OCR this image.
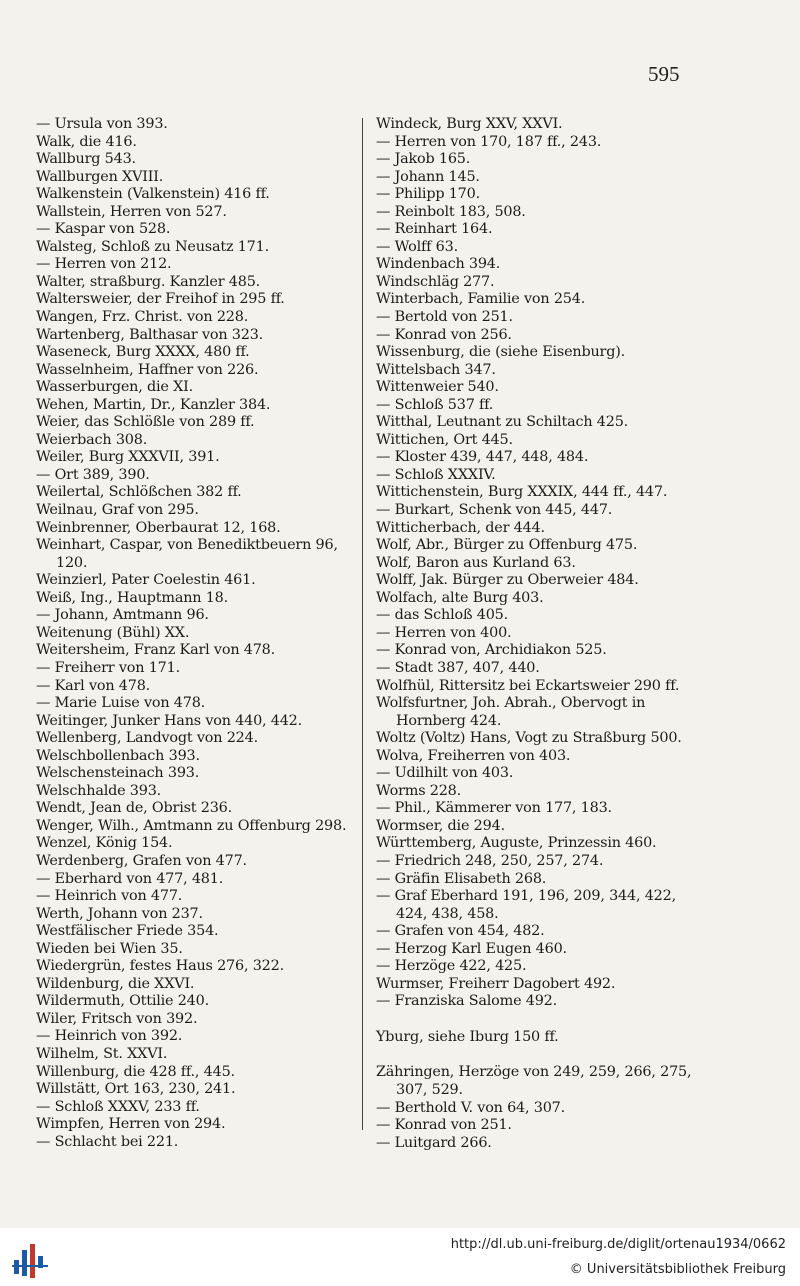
595
— Ursula von 393.
Walk, die 416.
Wallburg 543.
Wallburgen XVIII.
Walkenstein (Valkenstein) 416 ff.
Wallstein, Herren von 527.
— Kaspar von 528.
Walsteg, Schloß zu Neusatz 171.
— Herren von 212.
Walter, straßburg. Kanzler 485.
Waltersweier, der Freihof in 295 ff.
Wangen, Frz. Christ. von 228.
Wartenberg, Balthasar von 323.
Waseneck, Burg XXXX, 480 ff.
Wasselnheim, Haffner von 226.
Wasserburgen, die XI.
Wehen, Martin, Dr., Kanzler 384.
Weier, das Schlößle von 289 ff.
Weierbach 308.
Weiler, Burg XXXVII, 391.
— Ort 389, 390.
Weilertal, Schlößchen 382 ff.
Weilnau, Graf von 295.
Weinbrenner, Oberbaurat 12, 168.
Weinhart, Caspar, von Benediktbeuern 96,
120.
Weinzierl, Pater Coelestin 461.
Weiß, Ing., Hauptmann 18.
— Johann, Amtmann 96.
Weitenung (Bühl) XX.
Weitersheim, Franz Karl von 478.
— Freiherr von 171.
— Karl von 478.
— Marie Luise von 478.
Weitinger, Junker Hans von 440, 442.
Wellenberg, Landvogt von 224.
Welschbollenbach 393.
Welschensteinach 393.
Welschhalde 393.
Wendt, Jean de, Obrist 236.
Wenger, Wilh., Amtmann zu Offenburg 298.
Wenzel, König 154.
Werdenberg, Grafen von 477.
— Eberhard von 477, 481.
— Heinrich von 477.
Werth, Johann von 237.
Westfälischer Friede 354.
Wieden bei Wien 35.
Wiedergrün, festes Haus 276, 322.
Wildenburg, die XXVI.
Wildermuth, Ottilie 240.
Wiler, Fritsch von 392.
— Heinrich von 392.
Wilhelm, St. XXVI.
Willenburg, die 428 ff., 445.
Willstätt, Ort 163, 230, 241.
— Schloß XXXV, 233 ff.
Wimpfen, Herren von 294.
— Schlacht bei 221.
Windeck, Burg XXV, XXVI.
— Herren von 170, 187 ff., 243.
— Jakob 165.
— Johann 145.
— Philipp 170.
— Reinbolt 183, 508.
— Reinhart 164.
— Wolff 63.
Windenbach 394.
Windschläg 277.
Winterbach, Familie von 254.
— Bertold von 251.
— Konrad von 256.
Wissenburg, die (siehe Eisenburg).
Wittelsbach 347.
Wittenweier 540.
— Schloß 537 ff.
Witthal, Leutnant zu Schiltach 425.
Wittichen, Ort 445.
— Kloster 439, 447, 448, 484.
— Schloß XXXIV.
Wittichenstein, Burg XXXIX, 444 ff., 447.
— Burkart, Schenk von 445, 447.
Witticherbach, der 444.
Wolf, Abr., Bürger zu Offenburg 475.
Wolf, Baron aus Kurland 63.
Wolff, Jak. Bürger zu Oberweier 484.
Wolfach, alte Burg 403.
— das Schloß 405.
— Herren von 400.
— Konrad von, Archidiakon 525.
— Stadt 387, 407, 440.
Wolfhül, Rittersitz bei Eckartsweier 290 ff.
Wolfsfurtner, Joh. Abrah., Obervogt in
Hornberg 424.
Woltz (Voltz) Hans, Vogt zu Straßburg 500.
Wolva, Freiherren von 403.
— Udilhilt von 403.
Worms 228.
— Phil., Kämmerer von 177, 183.
Wormser, die 294.
Württemberg, Auguste, Prinzessin 460.
— Friedrich 248, 250, 257, 274.
— Gräfin Elisabeth 268.
— Graf Eberhard 191, 196, 209, 344, 422,
424, 438, 458.
— Grafen von 454, 482.
— Herzog Karl Eugen 460.
— Herzöge 422, 425.
Wurmser, Freiherr Dagobert 492.
— Franziska Salome 492.
Yburg, siehe Iburg 150 ff.
Zähringen, Herzöge von 249, 259, 266, 275,
307, 529.
— Berthold V. von 64, 307.
— Konrad von 251.
— Luitgard 266.
http://dl.ub.uni-freiburg.de/diglit/ortenau1934/0662
© Universitätsbibliothek Freiburg
